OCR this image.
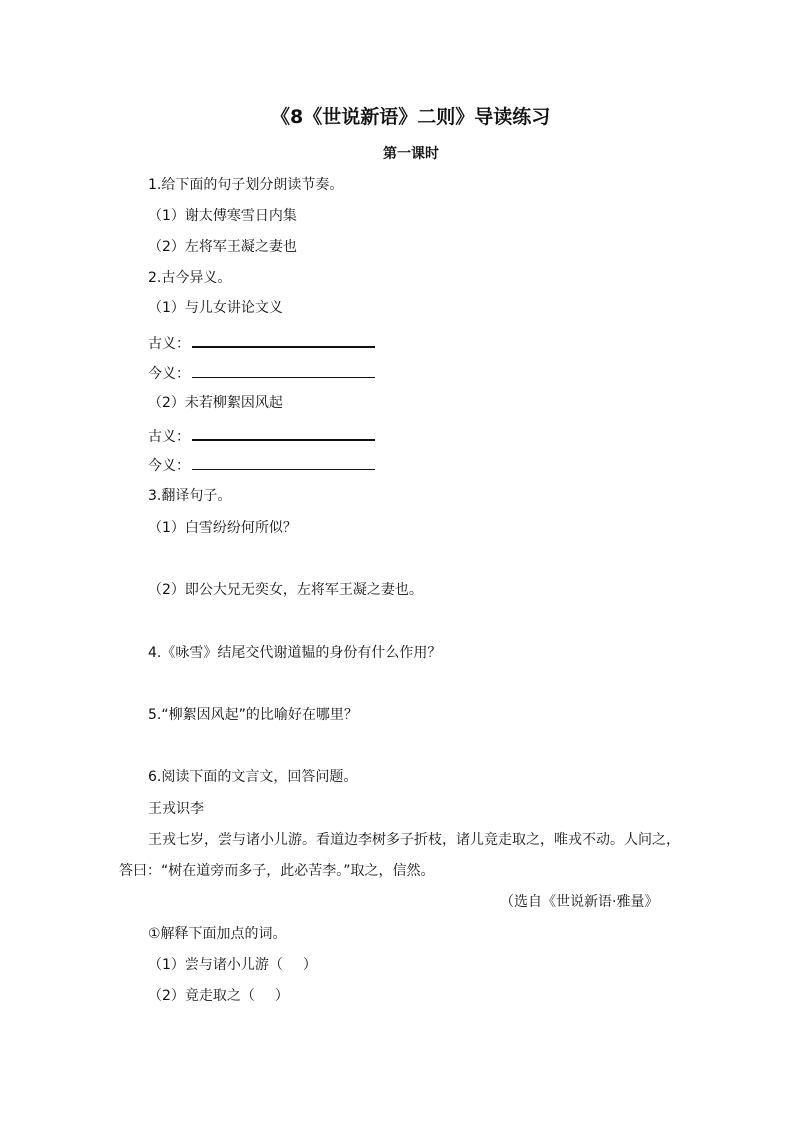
《8《世说新语》二则》导读练习
第一课时
1.给下面的句子划分朗读节奏。
（1）谢太傅寒雪日内集
（2）左将军王凝之妻也
2.古今异义。
（1）与儿女讲论文义
古义：
今义：
（2）未若柳絮因风起
古义：
今义：
3.翻译句子。
（1）白雪纷纷何所似？
（2）即公大兄无奕女，左将军王凝之妻也。
4.《咏雪》结尾交代谢道韫的身份有什么作用？
5.“柳絮因风起”的比喻好在哪里？
6.阅读下面的文言文，回答问题。
王戎识李
王戎七岁，尝与诸小儿游。看道边李树多子折枝，诸儿竞走取之，唯戎不动。人问之，
答曰：“树在道旁而多子，此必苦李。”取之，信然。
（选自《世说新语·雅量》
①解释下面加点的词。
（1）尝与诸小儿游（ ）
（2）竟走取之（ ）
